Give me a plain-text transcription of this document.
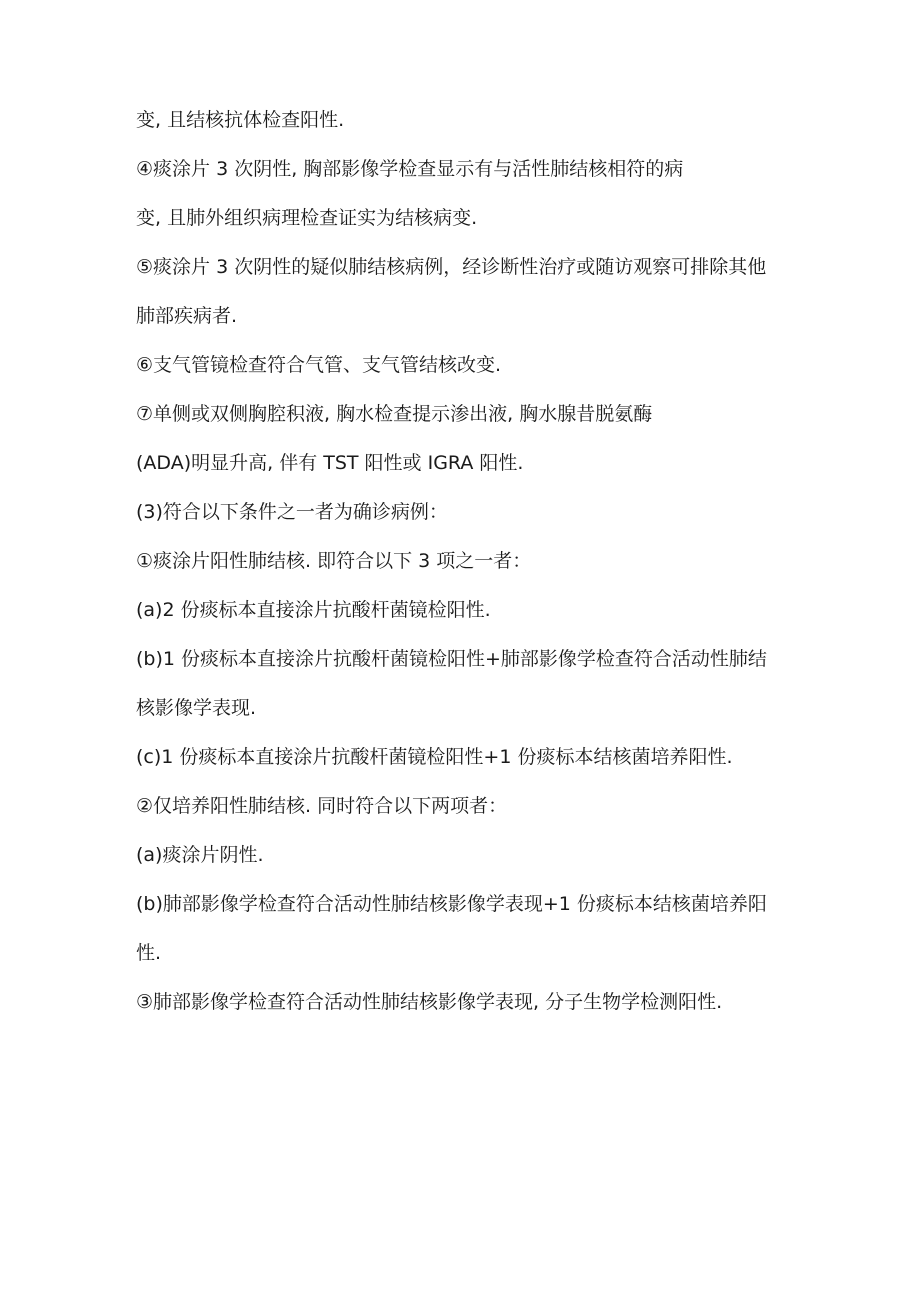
变, 且结核抗体检查阳性.
④痰涂片 3 次阴性, 胸部影像学检查显示有与活性肺结核相符的病
变, 且肺外组织病理检查证实为结核病变.
⑤痰涂片 3 次阴性的疑似肺结核病例，经诊断性治疗或随访观察可排除其他
肺部疾病者.
⑥支气管镜检查符合气管、支气管结核改变.
⑦单侧或双侧胸腔积液, 胸水检查提示渗出液, 胸水腺昔脱氨酶
(ADA)明显升高, 伴有 TST 阳性或 IGRA 阳性.
(3)符合以下条件之一者为确诊病例：
①痰涂片阳性肺结核. 即符合以下 3 项之一者：
(a)2 份痰标本直接涂片抗酸杆菌镜检阳性.
(b)1 份痰标本直接涂片抗酸杆菌镜检阳性+肺部影像学检查符合活动性肺结
核影像学表现.
(c)1 份痰标本直接涂片抗酸杆菌镜检阳性+1 份痰标本结核菌培养阳性.
②仅培养阳性肺结核. 同时符合以下两项者：
(a)痰涂片阴性.
(b)肺部影像学检查符合活动性肺结核影像学表现+1 份痰标本结核菌培养阳
性.
③肺部影像学检查符合活动性肺结核影像学表现, 分子生物学检测阳性.
